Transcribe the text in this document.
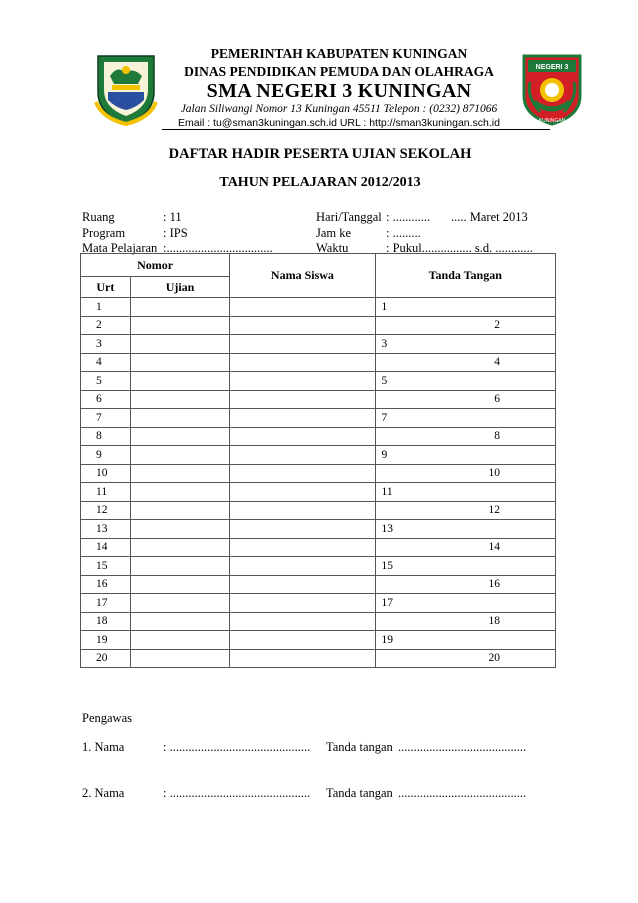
NEGERI 3
KUNINGAN
PEMERINTAH KABUPATEN KUNINGAN
DINAS PENDIDIKAN PEMUDA DAN OLAHRAGA
SMA NEGERI 3 KUNINGAN
Jalan Siliwangi Nomor 13 Kuningan 45511 Telepon : (0232) 871066
Email : tu@sman3kuningan.sch.id URL : http://sman3kuningan.sch.id
DAFTAR HADIR PESERTA UJIAN SEKOLAH
TAHUN PELAJARAN 2012/2013
Ruang	: 11
Program	: IPS
Mata Pelajaran :..................................
Hari/Tanggal : ............ ..... Maret 2013
Jam ke	: .........
Waktu	: Pukul................ s.d. ............
Nomor		Nama Siswa	Tanda Tangan
Urt	Ujian		
1			1
2			2
3			3
4			4
5			5
6			6
7			7
8			8
9			9
10			10
11			11
12			12
13			13
14			14
15			15
16			16
17			17
18			18
19			19
20			20
Pengawas
1. Nama	: ............................................. Tanda tangan .........................................
2. Nama	: ............................................. Tanda tangan .........................................
